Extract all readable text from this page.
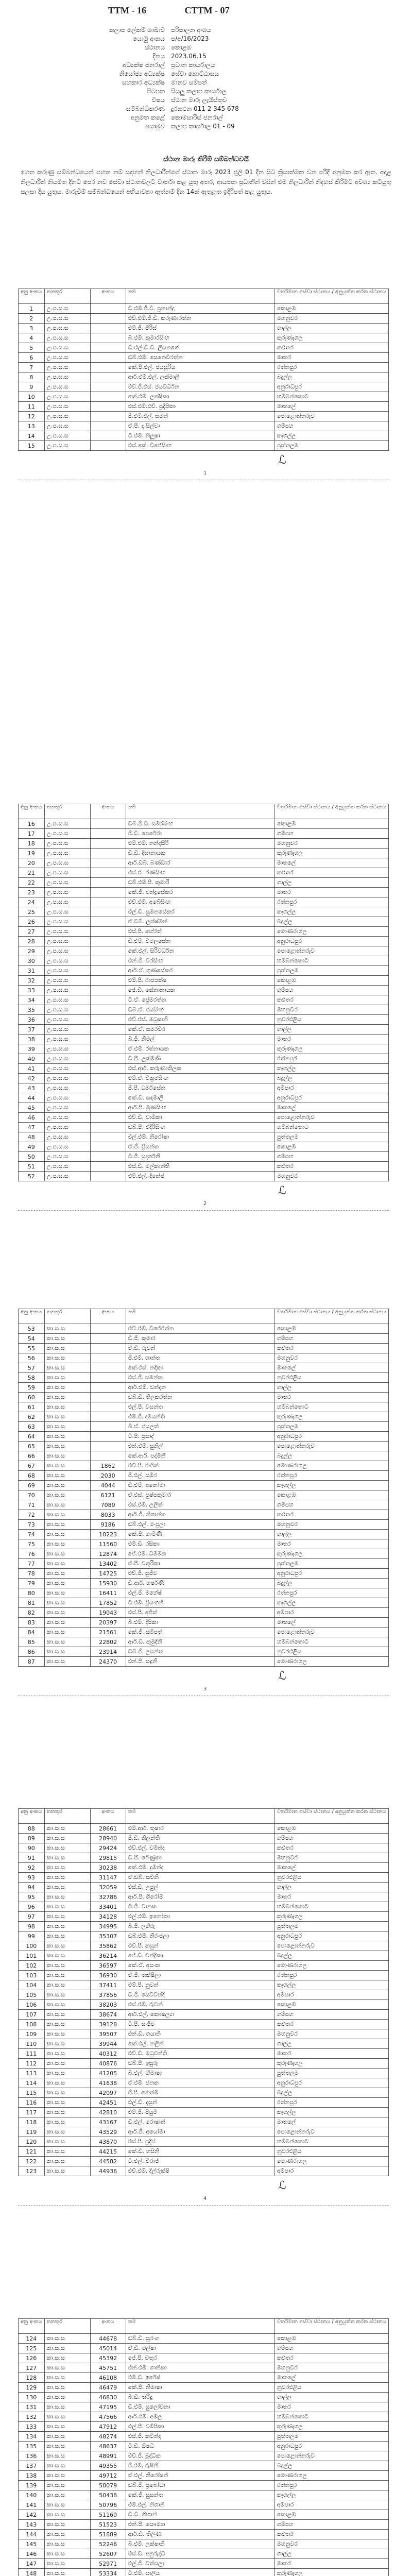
TTM - 16	CTTM - 07
කලාප ලේකම් ශාඛාව	පරිපාලන අංශය
යොමු අංකය	ප/අ/16/2023
ස්ථානය	කොළඹ
දිනය	2023.06.15
අධ්‍යක්ෂ ජනරාල්	ප්‍රධාන කාර්යාලය
නියෝජ්‍ය අධ්‍යක්ෂ	සේවා කොට්ඨාසය
සහකාර අධ්‍යක්ෂ	මානව සම්පත්
පිටපත	සියලු කලාප කාර්යාල
විෂය	ස්ථාන මාරු ලැයිස්තුව
සම්බන්ධීකරණ	දුරකථන 011 2 345 678
අනුමත කළේ	කොමසාරිස් ජනරාල්
යොමුව	කලාප කාර්යාල 01 - 09
ස්ථාන මාරු කිරීම් සම්බන්ධවයි
ඉහත කරුණු සම්බන්ධයෙන් පහත නම් සඳහන් නිලධාරීන්ගේ ස්ථාන මාරු 2023 ජූලි 01 දින සිට ක්‍රියාත්මක වන පරිදි අනුමත කර ඇත. අදාළ නිලධාරීන් නියමිත දිනට පෙර නව සේවා ස්ථානවලට වාර්තා කළ යුතු අතර, ආයතන ප්‍රධානීන් විසින් එම නිලධාරීන් නිදහස් කිරීමට අවශ්‍ය කටයුතු සලසා දිය යුතුය. මාරුවීම් සම්බන්ධයෙන් අභියාචනා ඇත්නම් දින 14ක් ඇතුළත ඉදිරිපත් කළ යුතුය.
අනු අංකය	තනතුර	අංකය	නම	වර්තමාන සේවා ස්ථානය / අනුයුක්ත කරන ස්ථානය
1	උ.ප.ස.ස		ඩී.එම්.ජී.වී. ප්‍රනාන්දු	කොළඹ
2	උ.ප.ස.ස		එච්.එම්.ජී.ඩී. කරුණාරත්න	මහනුවර
3	උ.ප.ස.ස		එම්.ජී. පීරිස්	ගාල්ල
4	උ.ප.ස.ස		බී.එම්. කුමාරසිංහ	කුරුණෑගල
5	උ.ප.ස.ස		ඩී.එල්.ඩී.ඩී. ලියනගේ	කළුතර
6	උ.ප.ස.ස		ඩබ්.එම්. සෙනෙවිරත්න	මාතර
7	උ.ප.ස.ස		කේ.පී.එල්. ජයසූරිය	රත්නපුර
8	උ.ප.ස.ස		ආර්.එම්.එල්. ලක්මාලි	බදුල්ල
9	උ.ප.ස.ස		එච්.ජී.එස්. ජයවර්ධන	අනුරාධපුර
10	උ.ප.ස.ස		කේ.එම්. ලක්ෂිකා	හම්බන්තොට
11	උ.ප.ස.ස		එස්.එම්.එච්. ප්‍රදීපිකා	මාතලේ
12	උ.ප.ස.ස		ජී.එම්.එල්. සමන්	පොළොන්නරුව
13	උ.ප.ස.ස		ඒ.පී. ද සිල්වා	ගම්පහ
14	උ.ප.ස.ස		ටී.එම්. නිලූෂා	කෑගල්ල
15	උ.ප.ස.ස		එස්.කේ. විජේසිංහ	පුත්තලම
ℒ
1
අනු අංකය	තනතුර	අංකය	නම	වර්තමාන සේවා ස්ථානය / අනුයුක්ත කරන ස්ථානය
16	උ.ප.ස.ස		ඩබ්.ජී.ඩී. සමරසිංහ	කොළඹ
17	උ.ප.ස.ස		ජී.ඩී. පෙරේරා	ගම්පහ
18	උ.ප.ස.ස		එම්.එම්. නන්දසිරි	මහනුවර
19	උ.ප.ස.ස		ඩී.ඩී. දිසානායක	කුරුණෑගල
20	උ.ප.ස.ස		ආර්.ඩබ්. බණ්ඩාර	මාතලේ
21	උ.ප.ස.ස		එස්.ඒ. රණසිංහ	කළුතර
22	උ.ප.ස.ස		ඩබ්.එම්.පී. කුමාරි	ගාල්ල
23	උ.ප.ස.ස		කේ.ජී. චන්ද්‍රසේකර	මාතර
24	උ.ප.ස.ස		එච්.එම්. අබේසිංහ	රත්නපුර
25	උ.ප.ස.ස		එල්.ඩී. සුමනසේකර	කෑගල්ල
26	උ.ප.ස.ස		ඒ.ඩබ්. ලක්ෂ්මන්	බදුල්ල
27	උ.ප.ස.ස		එස්.පී. හේරත්	මොණරාගල
28	උ.ප.ස.ස		ඩී.එම්. විමලසේන	අනුරාධපුර
29	උ.ප.ස.ස		කේ.එල්. සිරිවර්ධන	පොළොන්නරුව
30	උ.ප.ස.ස		එන්.ජී. වීරසිංහ	හම්බන්තොට
31	උ.ප.ස.ස		ආර්.ඒ. ගුණසේකර	පුත්තලම
32	උ.ප.ස.ස		එම්.පී. රාජපක්ෂ	කොළඹ
33	උ.ප.ස.ස		ජේ.ඩී. සේනානායක	ගම්පහ
34	උ.ප.ස.ස		ටී.ඒ. ප්‍රේමරත්න	කළුතර
35	උ.ප.ස.ස		ඩබ්.ඒ. ජයසිංහ	මහනුවර
36	උ.ප.ස.ස		එච්.එස්. මධුෂානි	නුවරඑළිය
37	උ.ප.ස.ස		කේ.ඒ. සමරවීර	ගාල්ල
38	උ.ප.ස.ස		බී.ජී. නිමල්	මාතර
39	උ.ප.ස.ස		ඒ.එම්. රත්නායක	කුරුණෑගල
40	උ.ප.ස.ස		ඩී.පී. ලක්මිණි	රත්නපුර
41	උ.ප.ස.ස		එස්.ආර්. කරුණාතිලක	කෑගල්ල
42	උ.ප.ස.ස		එම්.ඒ. වික්‍රමසිංහ	බදුල්ල
43	උ.ප.ස.ස		ජී.පී. ධර්මසේන	අම්පාර
44	උ.ප.ස.ස		කේ.ඩී. සඳමාලි	අනුරාධපුර
45	උ.ප.ස.ස		ආර්.පී. මුණසිංහ	මාතලේ
46	උ.ප.ස.ස		එච්.ඩී. චාමිකා	පොළොන්නරුව
47	උ.ප.ස.ස		ඩබ්.පී. එදිරිසිංහ	හම්බන්තොට
48	උ.ප.ස.ස		එල්.එම්. නිරෝෂා	පුත්තලම
49	උ.ප.ස.ස		ඒ.ජී. ප්‍රියන්ත	කොළඹ
50	උ.ප.ස.ස		ටී.ජී. සුදර්ශනී	ගම්පහ
51	උ.ප.ස.ස		එස්.ඩී. මල්කාන්ති	කළුතර
52	උ.ප.ස.ස		එම්.එල්. දිනේෂ්	මහනුවර
ℒ
2
අනු අංකය	තනතුර	අංකය	නම	වර්තමාන සේවා ස්ථානය / අනුයුක්ත කරන ස්ථානය
53	කා.ස.ස		එච්.එම්. විජේරත්න	කොළඹ
54	කා.ස.ස		ඩී.ජී. කුමාර	ගම්පහ
55	කා.ස.ස		ඒ.ඩී. රුවන්	කළුතර
56	කා.ස.ස		ජී.එම්. ශාන්ත	මහනුවර
57	කා.ස.ස		කේ.එස්. නදීකා	මාතලේ
58	කා.ස.ස		එස්.ජී. සමන්ත	නුවරඑළිය
59	කා.ස.ස		ආර්.එම්. චන්දන	ගාල්ල
60	කා.ස.ස		ඩබ්.ඩී. තිලකරත්න	මාතර
61	කා.ස.ස		එල්.පී. වසන්ත	හම්බන්තොට
62	කා.ස.ස		එම්.ජී. දමයන්ති	කුරුණෑගල
63	කා.ස.ස		බී.ඒ. ජයලත්	පුත්තලම
64	කා.ස.ස		ටී.පී. ප්‍රසාද්	අනුරාධපුර
65	කා.ස.ස		එන්.එම්. සුනිල්	පොළොන්නරුව
66	කා.ස.ස		කේ.ආර්. පද්මිනී	බදුල්ල
67	කා.ස.ස	1862	එච්.පී. රංජිත්	මොණරාගල
68	කා.ස.ස	2030	ජී.එල්. සමීර	රත්නපුර
69	කා.ස.ස	4044	ඩී.එම්. අනෝමා	කෑගල්ල
70	කා.ස.ස	6121	ඒ.එස්. පුෂ්පකුමාර	කොළඹ
71	කා.ස.ස	7089	එස්.එම්. ලලිත්	ගම්පහ
72	කා.ස.ස	8033	ආර්.ජී. නිශාන්ත	කළුතර
73	කා.ස.ස	9186	ඩබ්.එල්. මංජුලා	මහනුවර
74	කා.ස.ස	10223	කේ.පී. ගාමිණී	ගාල්ල
75	කා.ස.ස	11560	එම්.ඩී. රසිකා	මාතර
76	කා.ස.ස	12874	ජේ.එම්. ධම්මික	කුරුණෑගල
77	කා.ස.ස	13402	ඒ.පී. චතුරිකා	පුත්තලම
78	කා.ස.ස	14725	එච්.ජී. සුජීව	අනුරාධපුර
79	කා.ස.ස	15930	ඩී.ආර්. හර්ෂණී	බදුල්ල
80	කා.ස.ස	16411	එල්.ජී. මහේෂ්	රත්නපුර
81	කා.ස.ස	17852	ටී.එම්. ප්‍රියංගනී	කෑගල්ල
82	කා.ස.ස	19043	එස්.පී. අජිත්	අම්පාර
83	කා.ස.ස	20397	බී.එම්. දීපිකා	මාතලේ
84	කා.ස.ස	21561	කේ.ජී. සම්පත්	පොළොන්නරුව
85	කා.ස.ස	22802	ආර්.ඩී. කුමුදිනී	හම්බන්තොට
86	කා.ස.ස	23914	ඩබ්.ජී. ලසන්ත	නුවරඑළිය
87	කා.ස.ස	24370	එන්.පී. සඳුනි	මොණරාගල
ℒ
3
අනු අංකය	තනතුර	අංකය	නම	වර්තමාන සේවා ස්ථානය / අනුයුක්ත කරන ස්ථානය
88	කා.ස.ස	28661	එම්.ආර්. තුෂාර	කොළඹ
89	කා.ස.ස	28940	ජී.ඩී. නිලන්ති	ගම්පහ
90	කා.ස.ස	29424	එච්.එල්. චමින්ද	කළුතර
91	කා.ස.ස	29815	ඩී.පී. රේණුකා	මහනුවර
92	කා.ස.ස	30238	කේ.එම්. දුමින්ද	මාතලේ
93	කා.ස.ස	31147	ඒ.ඩබ්. සචිනි	නුවරඑළිය
94	කා.ස.ස	32059	එස්.ඩී. උපුල්	ගාල්ල
95	කා.ස.ස	32786	ආර්.පී. ශිරෝමි	මාතර
96	කා.ස.ස	33401	ටී.ජී. චානක	හම්බන්තොට
97	කා.ස.ස	34128	එල්.එම්. ඉනෝකා	කුරුණෑගල
98	කා.ස.ස	34995	බී.ජී. ලහිරු	පුත්තලම
99	කා.ස.ස	35307	ඩබ්.එම්. නිරංජලා	අනුරාධපුර
100	කා.ස.ස	35862	එච්.පී. කසුන්	පොළොන්නරුව
101	කා.ස.ස	36214	ජේ.ඩී. චන්ද්‍රිකා	බදුල්ල
102	කා.ස.ස	36597	කේ.ඒ. අසංක	මොණරාගල
103	කා.ස.ස	36930	ඒ.ජී. තක්ෂිලා	රත්නපුර
104	කා.ස.ස	37411	එම්.පී. නුවන්	කෑගල්ල
105	කා.ස.ස	37856	ඩී.ජී. සෙව්වන්දි	අම්පාර
106	කා.ස.ස	38203	එස්.එම්. රුවන්	කොළඹ
107	කා.ස.ස	38674	ආර්.එල්. කෞෂල්‍යා	ගම්පහ
108	කා.ස.ස	39128	ටී.පී. සංජීව	කළුතර
109	කා.ස.ස	39507	එන්.ඩී. ගයානි	මහනුවර
110	කා.ස.ස	39944	කේ.එල්. නලින්	ගාල්ල
111	කා.ස.ස	40312	එච්.ඩී. මධුවන්ති	මාතර
112	කා.ස.ස	40876	ඩබ්.පී. ඉසුරු	කුරුණෑගල
113	කා.ස.ස	41205	බී.එල්. හිමාෂා	පුත්තලම
114	කා.ස.ස	41638	ඒ.එම්. ජනක	අනුරාධපුර
115	කා.ස.ස	42097	ජී.පී. නෙත්මි	බදුල්ල
116	කා.ස.ස	42451	එල්.ඩී. දසුන්	රත්නපුර
117	කා.ස.ස	42810	එම්.ජී. පියුමි	කෑගල්ල
118	කා.ස.ස	43167	ඩී.එල්. රොෂාන්	මාතලේ
119	කා.ස.ස	43529	ආර්.ජී. අයෝමා	පොළොන්නරුව
120	කා.ස.ස	43870	එස්.පී. ප්‍රදීප්	හම්බන්තොට
121	කා.ස.ස	44215	කේ.ඩී. හසිනි	නුවරඑළිය
122	කා.ස.ස	44582	ටී.එල්. විරාජ්	මොණරාගල
123	කා.ස.ස	44936	එච්.එම්. දිල්රුක්ෂි	අම්පාර
ℒ
4
අනු අංකය	තනතුර	අංකය	නම	වර්තමාන සේවා ස්ථානය / අනුයුක්ත කරන ස්ථානය
124	කා.ස.ස	44678	ඩබ්.ඩී. සුරංග	කොළඹ
125	කා.ස.ස	45014	ඒ.ඩී. මල්ෂා	ගම්පහ
126	කා.ස.ස	45392	ජේ.පී. චතුර	කළුතර
127	කා.ස.ස	45751	එන්.එම්. ශානිකා	මහනුවර
128	කා.ස.ස	46108	එම්.ඩී. ඉරේෂ්	මාතලේ
129	කා.ස.ස	46479	කේ.පී. නිමාෂා	නුවරඑළිය
130	කා.ස.ස	46830	බී.ඩී. තරිඳු	ගාල්ල
131	කා.ස.ස	47195	ඩී.එම්. සුලෝචනා	මාතර
132	කා.ස.ස	47566	ආර්.එම්. අමිල	හම්බන්තොට
133	කා.ස.ස	47912	එල්.පී. චම්පිකා	කුරුණෑගල
134	කා.ස.ස	48274	එස්.ජී. කවින්ද	පුත්තලම
135	කා.ස.ස	48637	ටී.ඩී. ඕෂධී	අනුරාධපුර
136	කා.ස.ස	48991	එච්.ජී. බුද්ධික	පොළොන්නරුව
137	කා.ස.ස	49355	ජී.එම්. රුෂිනි	බදුල්ල
138	කා.ස.ස	49712	ඒ.එල්. නිරෝෂන්	මොණරාගල
139	කා.ස.ස	50079	ඩබ්.ජී. ප්‍රබෝධා	රත්නපුර
140	කා.ස.ස	50438	කේ.ජී. සුසන්ත	කෑගල්ල
141	කා.ස.ස	50796	එම්.එල්. නිශානි	අම්පාර
142	කා.ස.ස	51160	ඩී.ඩී. ගිහාන්	කොළඹ
143	කා.ස.ස	51523	එන්.පී. සෞම්‍යා	ගම්පහ
144	කා.ස.ස	51889	ආර්.ඩී. තිලිණ	කළුතර
145	කා.ස.ස	52246	බී.එම්. ලක්ෂානි	මහනුවර
146	කා.ස.ස	52607	එස්.ඩී. අනුරුද්ධ	ගාල්ල
147	කා.ස.ස	52971	එල්.ජී. වත්සලා	මාතර
148	කා.ස.ස	53334	ටී.එම්. සාලිය	කුරුණෑගල
